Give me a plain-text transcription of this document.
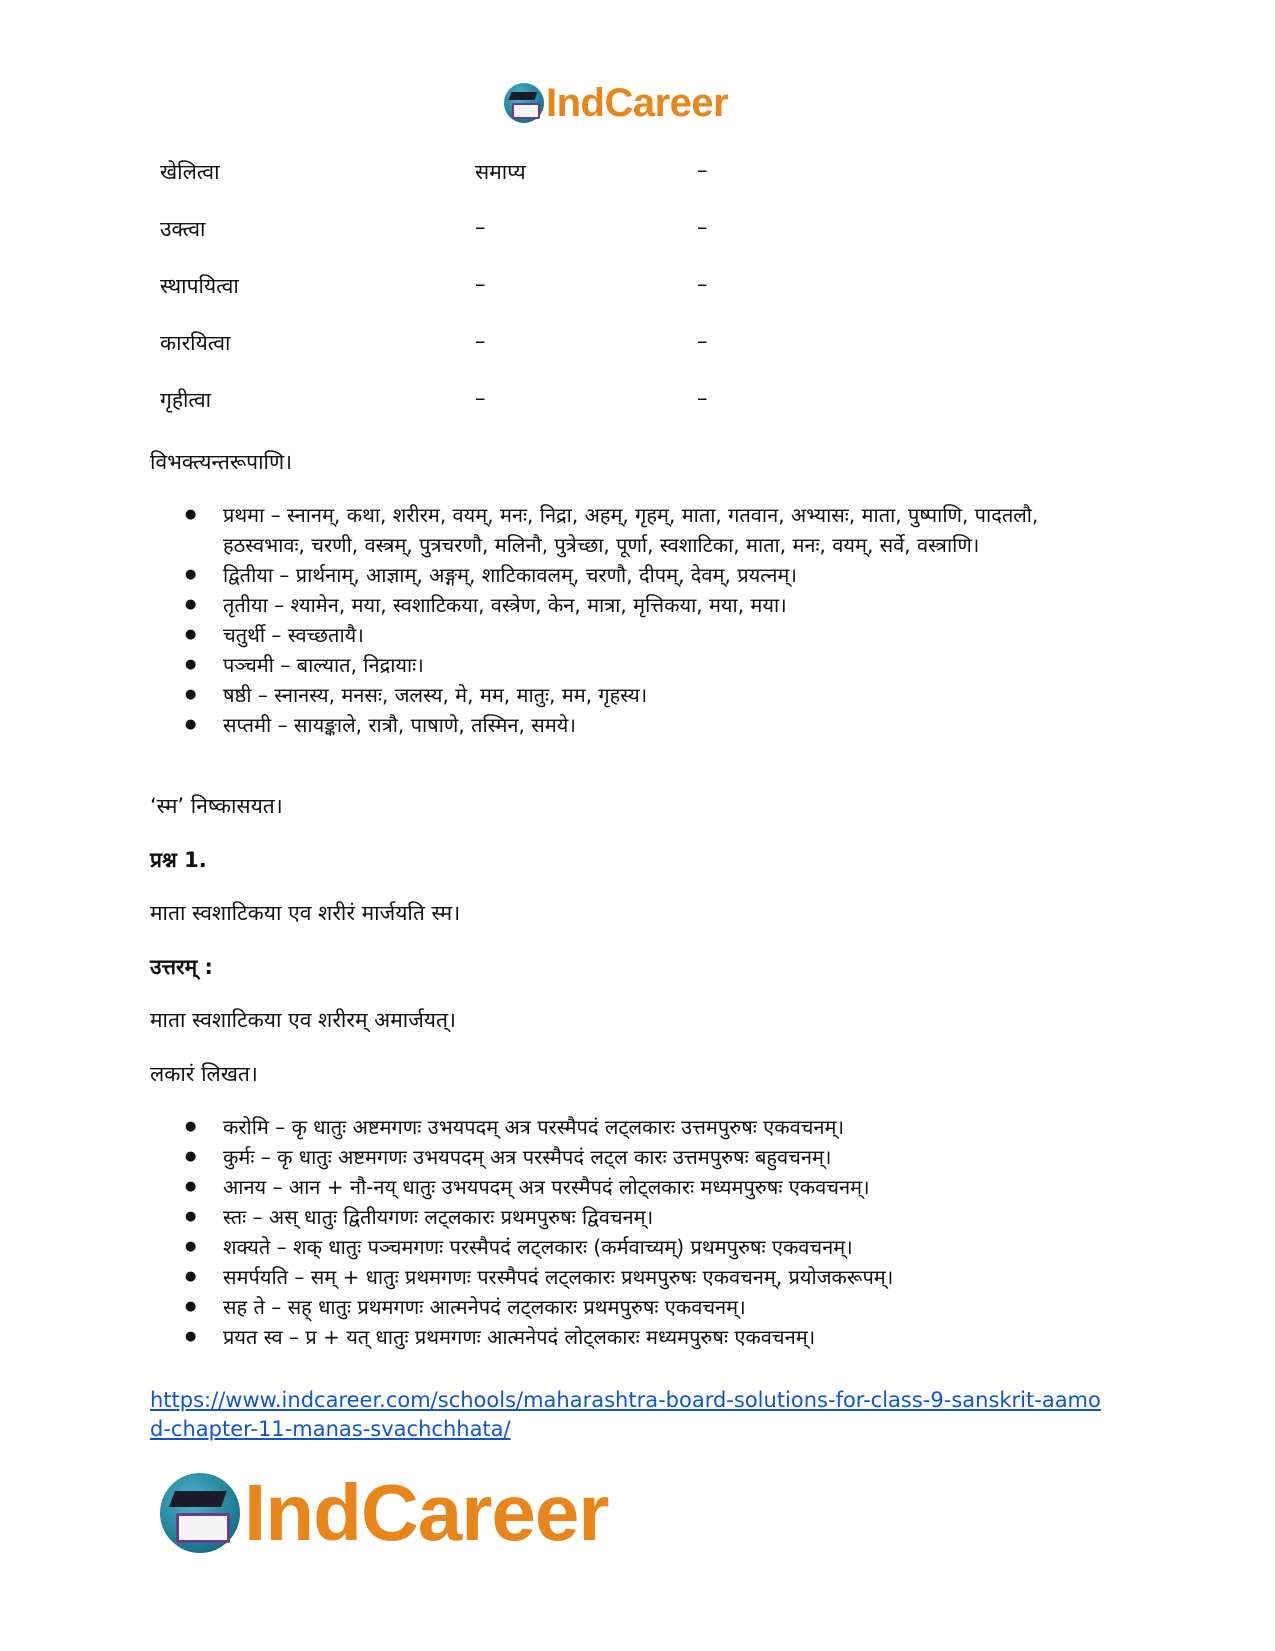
IndCareer
खेलित्वा	समाप्य	–
उक्त्वा	–	–
स्थापयित्वा	–	–
कारयित्वा	–	–
गृहीत्वा	–	–
विभक्त्यन्तरूपाणि।
● प्रथमा – स्नानम्, कथा, शरीरम, वयम्, मनः, निद्रा, अहम्, गृहम्, माता, गतवान, अभ्यासः, माता, पुष्पाणि, पादतलौ, हठस्वभावः, चरणी, वस्त्रम्, पुत्रचरणौ, मलिनौ, पुत्रेच्छा, पूर्णा, स्वशाटिका, माता, मनः, वयम्, सर्वे, वस्त्राणि।
● द्वितीया – प्रार्थनाम्, आज्ञाम्, अङ्गम्, शाटिकावलम्, चरणौ, दीपम्, देवम्, प्रयत्नम्।
● तृतीया – श्यामेन, मया, स्वशाटिकया, वस्त्रेण, केन, मात्रा, मृत्तिकया, मया, मया।
● चतुर्थी – स्वच्छतायै।
● पञ्चमी – बाल्यात, निद्रायाः।
● षष्ठी – स्नानस्य, मनसः, जलस्य, मे, मम, मातुः, मम, गृहस्य।
● सप्तमी – सायङ्काले, रात्रौ, पाषाणे, तस्मिन, समये।
‘स्म’ निष्कासयत।
प्रश्न 1.
माता स्वशाटिकया एव शरीरं मार्जयति स्म।
उत्तरम् :
माता स्वशाटिकया एव शरीरम् अमार्जयत्।
लकारं लिखत।
● करोमि – कृ धातुः अष्टमगणः उभयपदम् अत्र परस्मैपदं लट्लकारः उत्तमपुरुषः एकवचनम्।
● कुर्मः – कृ धातुः अष्टमगणः उभयपदम् अत्र परस्मैपदं लट्ल कारः उत्तमपुरुषः बहुवचनम्।
● आनय – आन + नौ-नय् धातुः उभयपदम् अत्र परस्मैपदं लोट्लकारः मध्यमपुरुषः एकवचनम्।
● स्तः – अस् धातुः द्वितीयगणः लट्लकारः प्रथमपुरुषः द्विवचनम्।
● शक्यते – शक् धातुः पञ्चमगणः परस्मैपदं लट्लकारः (कर्मवाच्यम्) प्रथमपुरुषः एकवचनम्।
● समर्पयति – सम् + धातुः प्रथमगणः परस्मैपदं लट्लकारः प्रथमपुरुषः एकवचनम्, प्रयोजकरूपम्।
● सह ते – सह् धातुः प्रथमगणः आत्मनेपदं लट्लकारः प्रथमपुरुषः एकवचनम्।
● प्रयत स्व – प्र + यत् धातुः प्रथमगणः आत्मनेपदं लोट्लकारः मध्यमपुरुषः एकवचनम्।
https://www.indcareer.com/schools/maharashtra-board-solutions-for-class-9-sanskrit-aamod-chapter-11-manas-svachchhata/
IndCareer
